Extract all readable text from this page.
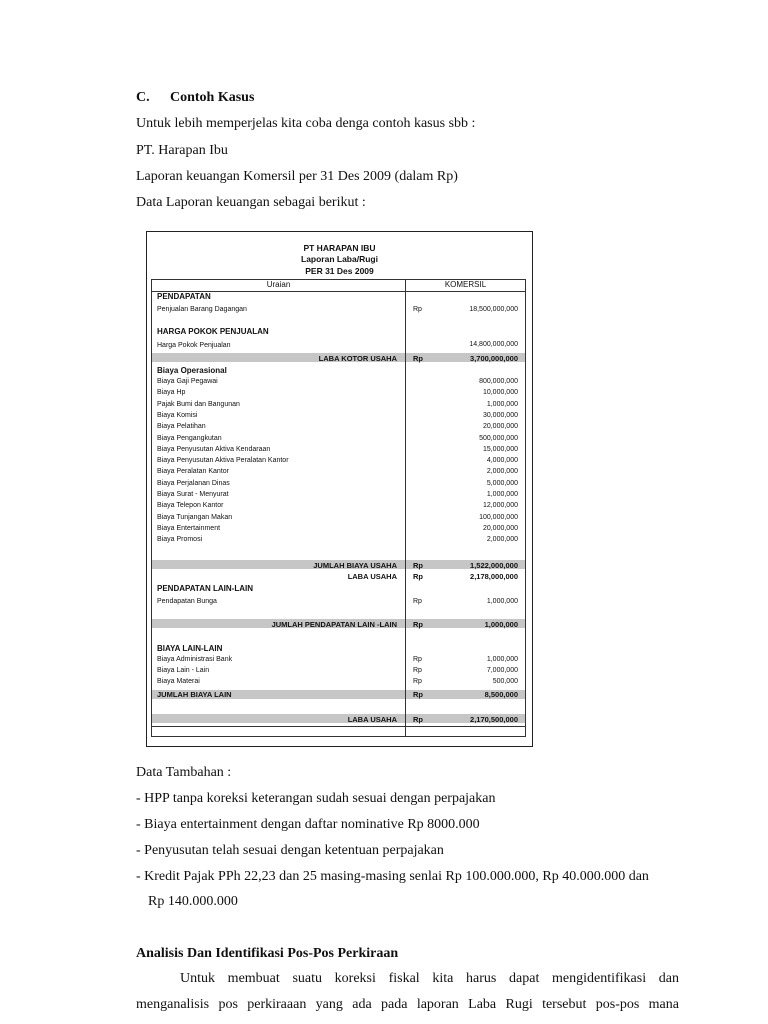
C. Contoh Kasus
Untuk lebih memperjelas kita coba denga contoh kasus sbb :
PT. Harapan Ibu
Laporan keuangan Komersil per 31 Des 2009 (dalam Rp)
Data Laporan keuangan sebagai berikut :
PT HARAPAN IBU
Laporan Laba/Rugi
PER 31 Des 2009
Uraian	KOMERSIL
PENDAPATAN
Penjualan Barang Dagangan	Rp	18,500,000,000
HARGA POKOK PENJUALAN
Harga Pokok Penjualan	14,800,000,000
LABA KOTOR USAHA Rp	3,700,000,000
Biaya Operasional
Biaya Gaji Pegawai	800,000,000
Biaya Hp	10,000,000
Pajak Bumi dan Bangunan	1,000,000
Biaya Komisi	30,000,000
Biaya Pelatihan	20,000,000
Biaya Pengangkutan	500,000,000
Biaya Penyusutan Aktiva Kendaraan	15,000,000
Biaya Penyusutan Aktiva Peralatan Kantor	4,000,000
Biaya Peralatan Kantor	2,000,000
Biaya Perjalanan Dinas	5,000,000
Biaya Surat - Menyurat	1,000,000
Biaya Telepon Kantor	12,000,000
Biaya Tunjangan Makan	100,000,000
Biaya Entertainment	20,000,000
Biaya Promosi	2,000,000
JUMLAH BIAYA USAHA Rp	1,522,000,000
LABA USAHA Rp	2,178,000,000
PENDAPATAN LAIN-LAIN
Pendapatan Bunga	Rp	1,000,000
JUMLAH PENDAPATAN LAIN -LAIN Rp	1,000,000
BIAYA LAIN-LAIN
Biaya Administrasi Bank	Rp	1,000,000
Biaya Lain - Lain	Rp	7,000,000
Biaya Materai	Rp	500,000
JUMLAH BIAYA LAIN	Rp	8,500,000
LABA USAHA Rp	2,170,500,000
Data Tambahan :
- HPP tanpa koreksi keterangan sudah sesuai dengan perpajakan
- Biaya entertainment dengan daftar nominative Rp 8000.000
- Penyusutan telah sesuai dengan ketentuan perpajakan
- Kredit Pajak PPh 22,23 dan 25 masing-masing senlai Rp 100.000.000, Rp 40.000.000 dan
Rp 140.000.000
Analisis Dan Identifikasi Pos-Pos Perkiraan
Untuk membuat suatu koreksi fiskal kita harus dapat mengidentifikasi dan
menganalisis pos perkiraaan yang ada pada laporan Laba Rugi tersebut pos-pos mana
